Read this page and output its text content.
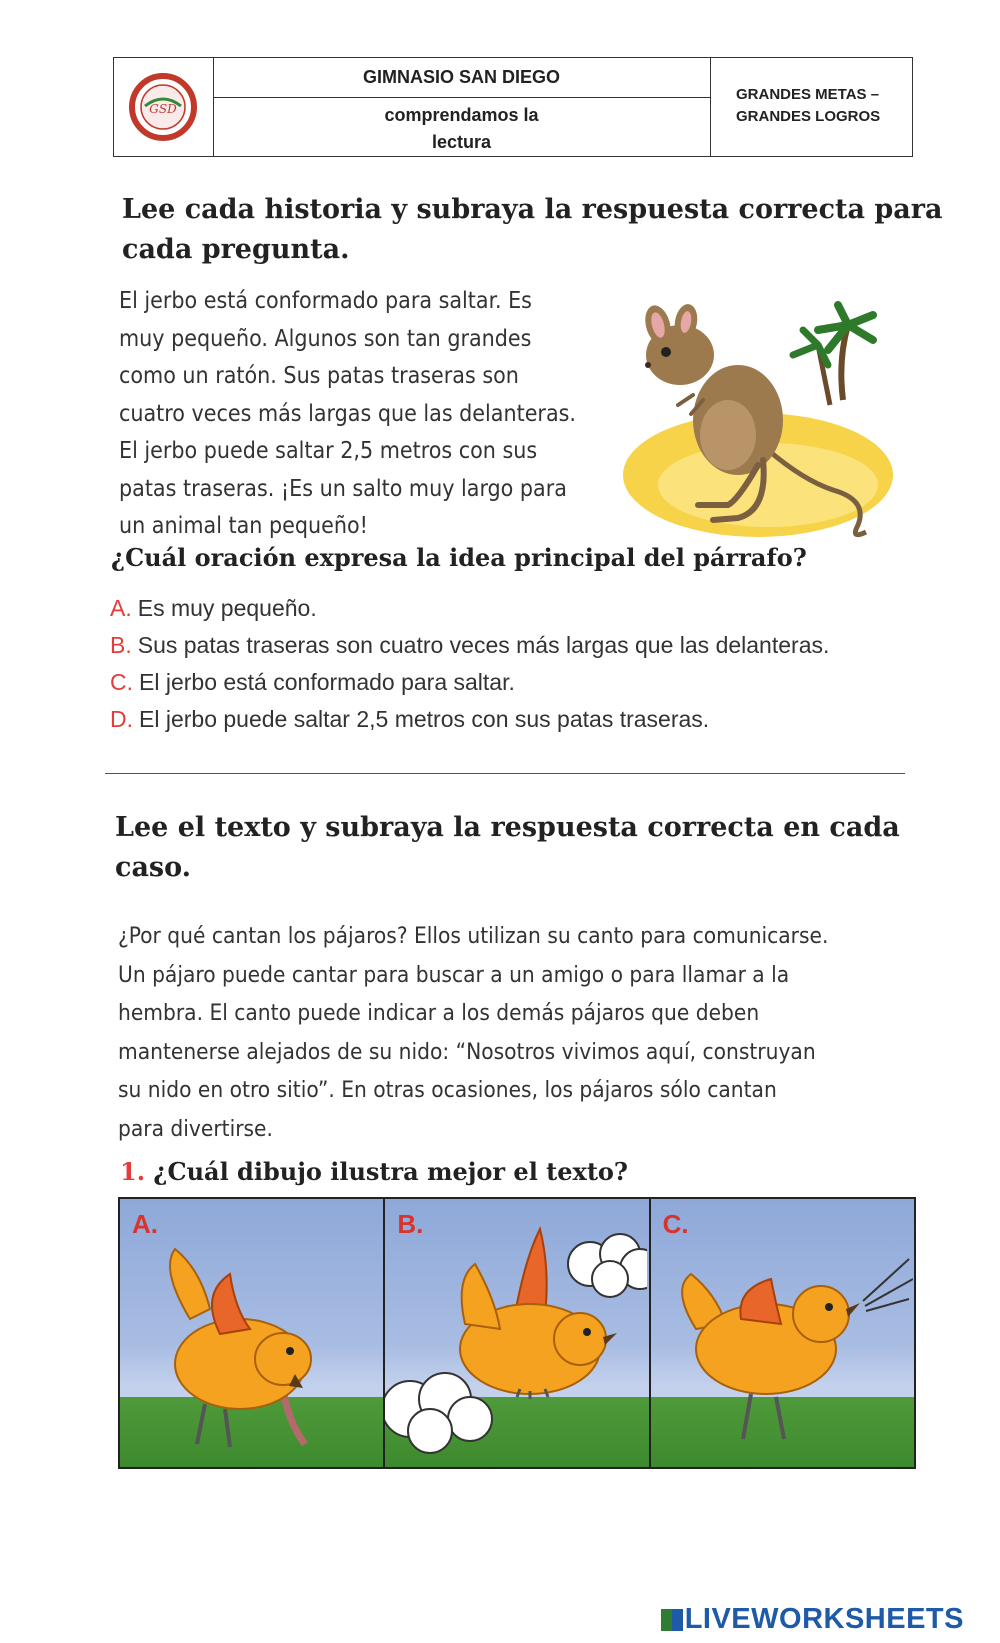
GSD
GIMNASIO SAN DIEGO
comprendamos la
lectura
GRANDES METAS –
GRANDES LOGROS
Lee cada historia y subraya la respuesta correcta para
cada pregunta.
El jerbo está conformado para saltar. Es
muy pequeño. Algunos son tan grandes
como un ratón. Sus patas traseras son
cuatro veces más largas que las delanteras.
El jerbo puede saltar 2,5 metros con sus
patas traseras. ¡Es un salto muy largo para
un animal tan pequeño!
¿Cuál oración expresa la idea principal del párrafo?
A. Es muy pequeño.
B. Sus patas traseras son cuatro veces más largas que las delanteras.
C. El jerbo está conformado para saltar.
D. El jerbo puede saltar 2,5 metros con sus patas traseras.
Lee el texto y subraya la respuesta correcta en cada
caso.
¿Por qué cantan los pájaros? Ellos utilizan su canto para comunicarse.
Un pájaro puede cantar para buscar a un amigo o para llamar a la
hembra. El canto puede indicar a los demás pájaros que deben
mantenerse alejados de su nido: “Nosotros vivimos aquí, construyan
su nido en otro sitio”. En otras ocasiones, los pájaros sólo cantan
para divertirse.
1. ¿Cuál dibujo ilustra mejor el texto?
A.	B.	C.
LIVEWORKSHEETS
